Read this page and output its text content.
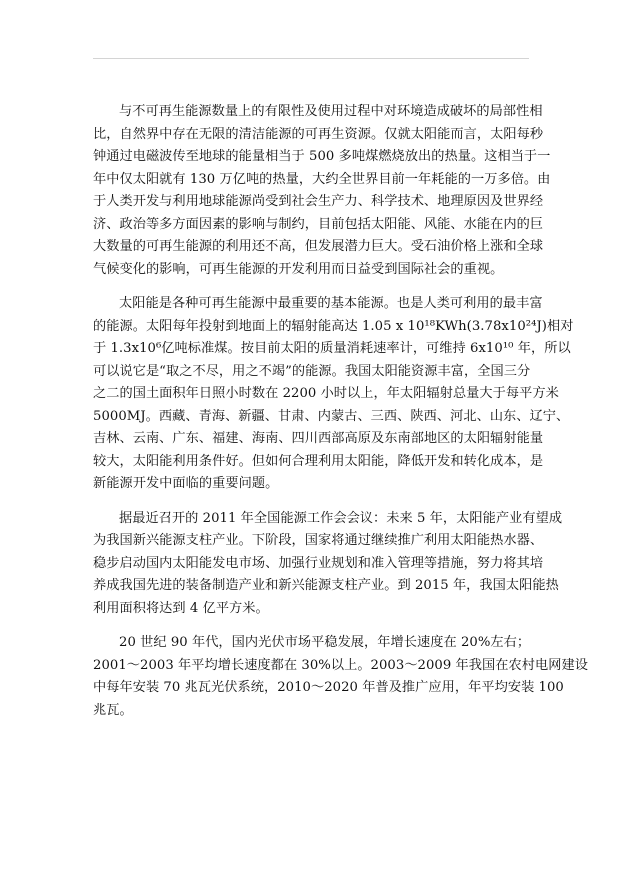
与不可再生能源数量上的有限性及使用过程中对环境造成破坏的局部性相
比，自然界中存在无限的清洁能源的可再生资源。仅就太阳能而言，太阳每秒
钟通过电磁波传至地球的能量相当于 500 多吨煤燃烧放出的热量。这相当于一
年中仅太阳就有 130 万亿吨的热量，大约全世界目前一年耗能的一万多倍。由
于人类开发与利用地球能源尚受到社会生产力、科学技术、地理原因及世界经
济、政治等多方面因素的影响与制约，目前包括太阳能、风能、水能在内的巨
大数量的可再生能源的利用还不高，但发展潜力巨大。受石油价格上涨和全球
气候变化的影响，可再生能源的开发利用而日益受到国际社会的重视。
太阳能是各种可再生能源中最重要的基本能源。也是人类可利用的最丰富
的能源。太阳每年投射到地面上的辐射能高达 1.05 x 10¹⁸KWh(3.78x10²⁴J)相对
于 1.3x10⁶亿吨标准煤。按目前太阳的质量消耗速率计，可维持 6x10¹⁰ 年，所以
可以说它是“取之不尽，用之不竭”的能源。我国太阳能资源丰富，全国三分
之二的国土面积年日照小时数在 2200 小时以上，年太阳辐射总量大于每平方米
5000MJ。西藏、青海、新疆、甘肃、内蒙古、三西、陕西、河北、山东、辽宁、
吉林、云南、广东、福建、海南、四川西部高原及东南部地区的太阳辐射能量
较大，太阳能利用条件好。但如何合理利用太阳能，降低开发和转化成本，是
新能源开发中面临的重要问题。
据最近召开的 2011 年全国能源工作会会议：未来 5 年，太阳能产业有望成
为我国新兴能源支柱产业。下阶段，国家将通过继续推广利用太阳能热水器、
稳步启动国内太阳能发电市场、加强行业规划和准入管理等措施，努力将其培
养成我国先进的装备制造产业和新兴能源支柱产业。到 2015 年，我国太阳能热
利用面积将达到 4 亿平方米。
20 世纪 90 年代，国内光伏市场平稳发展，年增长速度在 20%左右；
2001～2003 年平均增长速度都在 30%以上。2003～2009 年我国在农村电网建设
中每年安装 70 兆瓦光伏系统，2010～2020 年普及推广应用，年平均安装 100
兆瓦。
